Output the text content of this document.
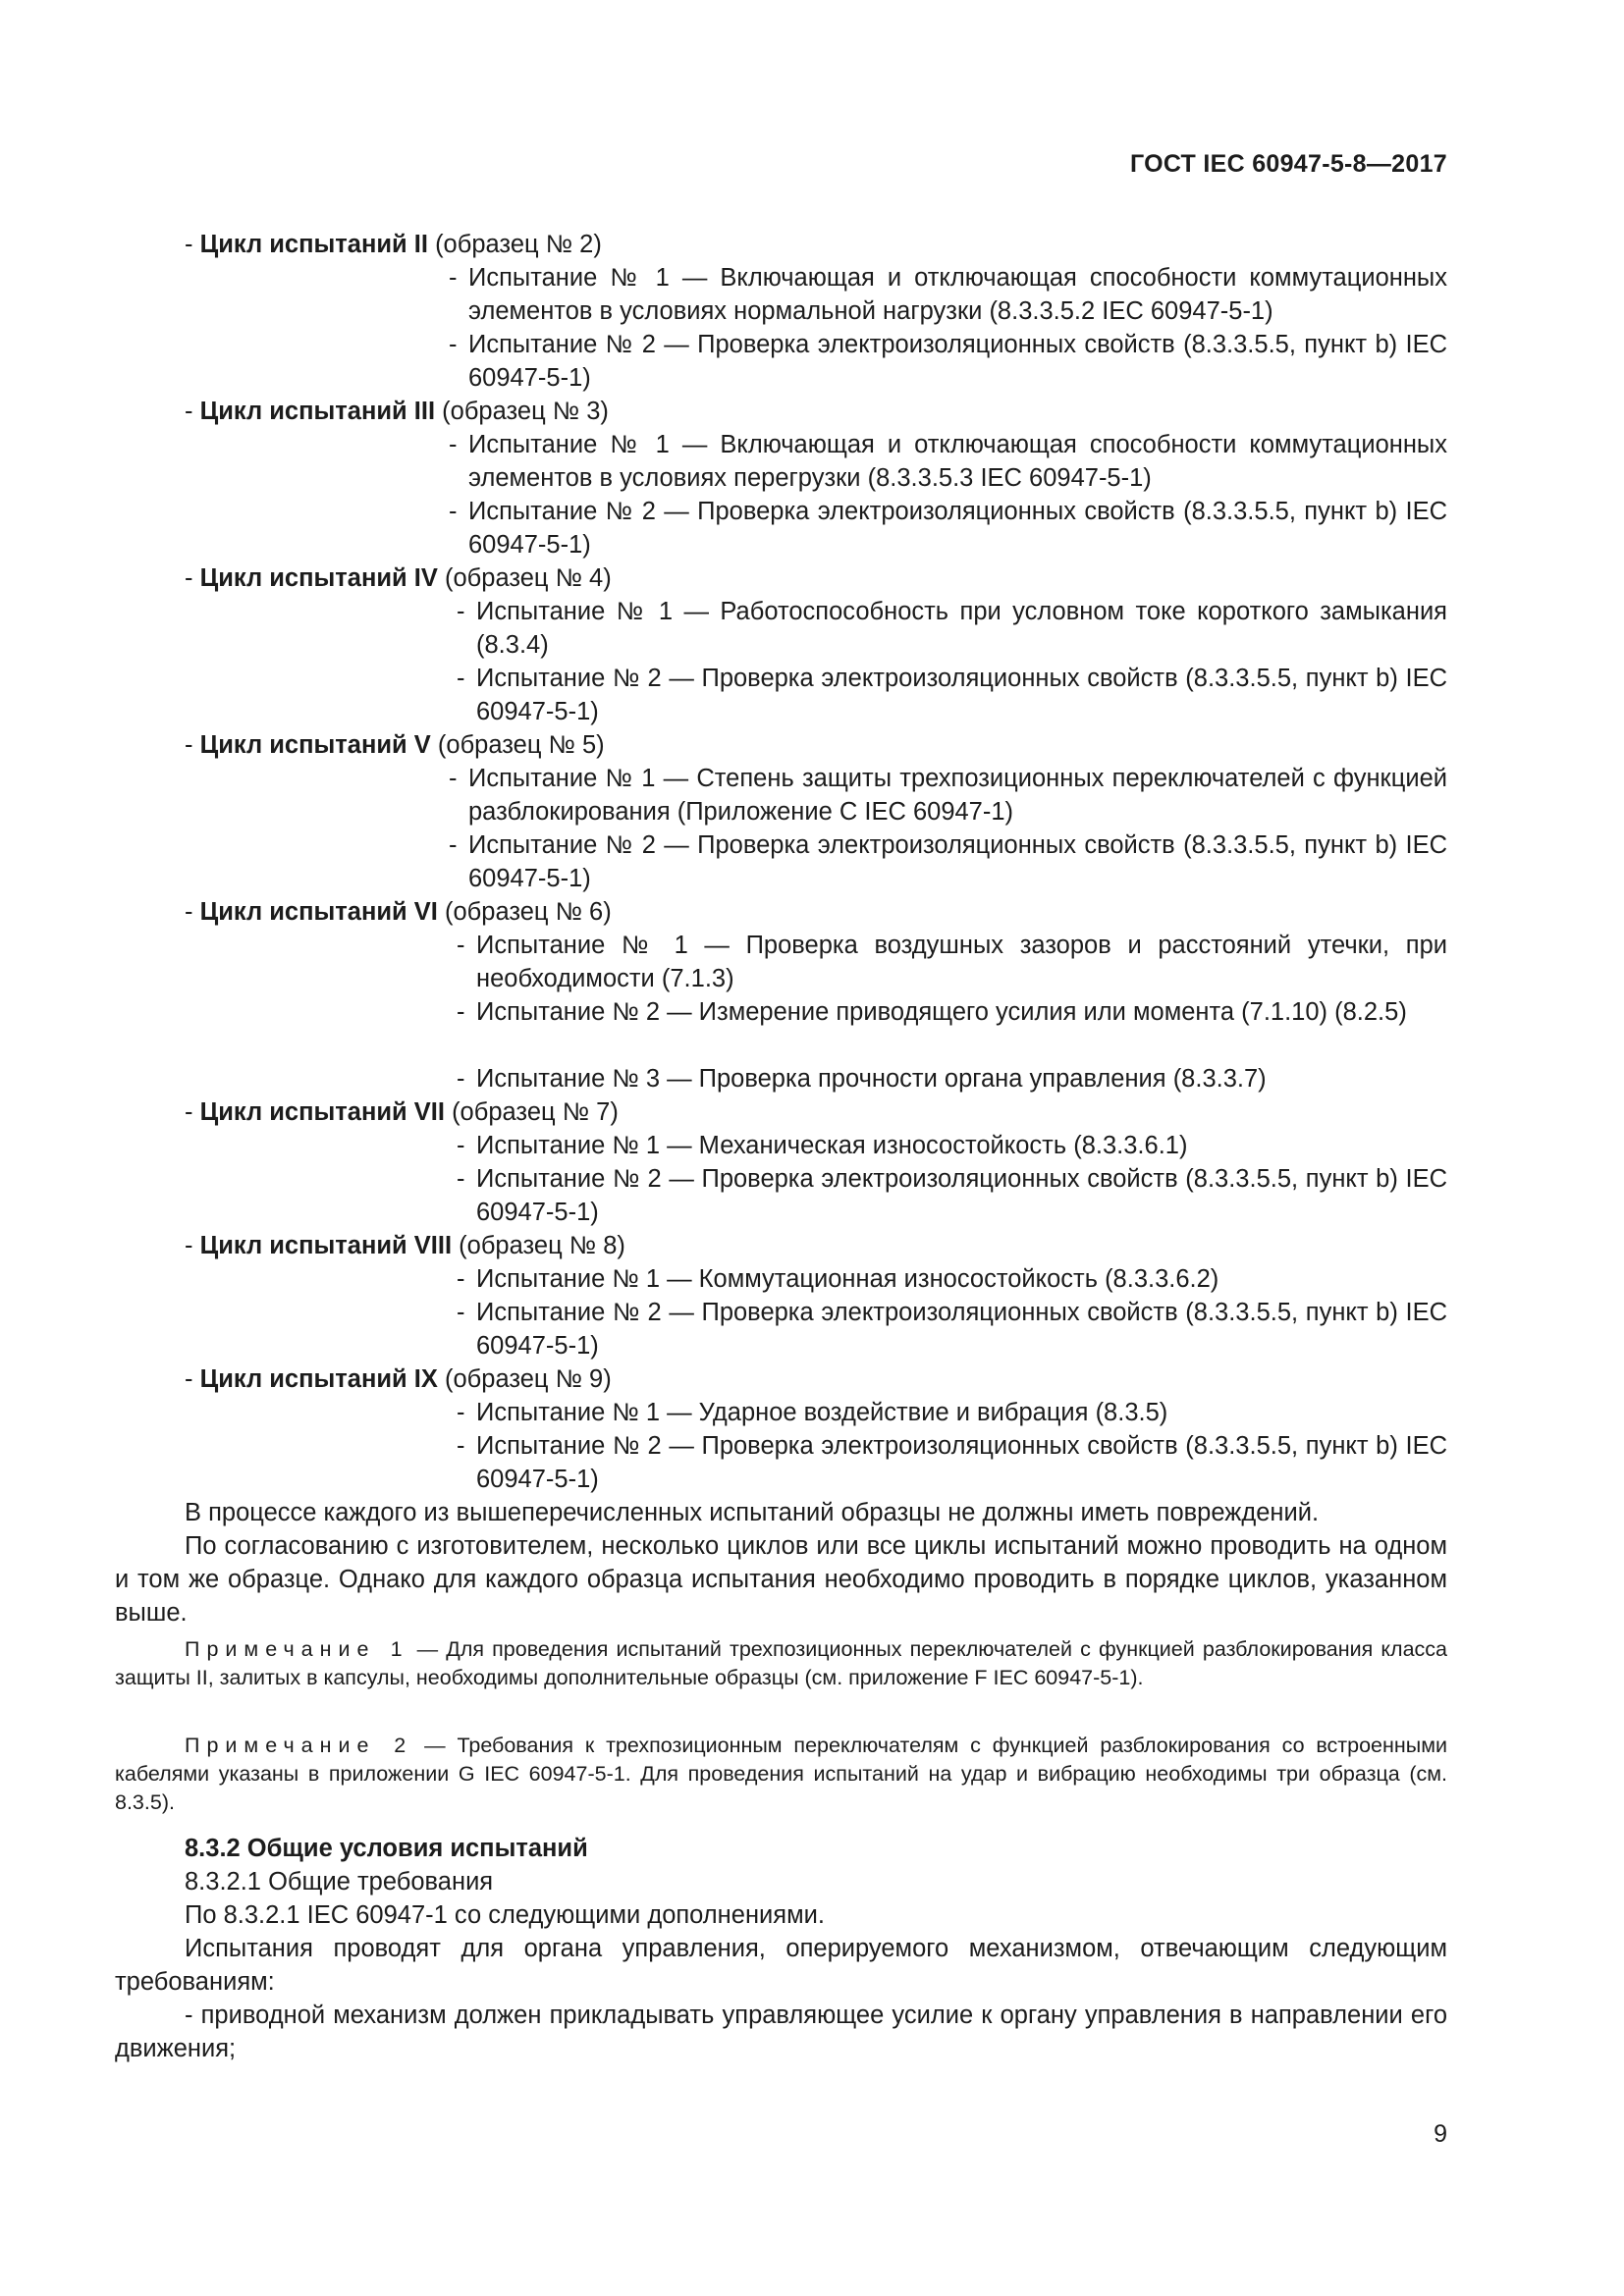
ГОСТ IEC 60947-5-8—2017
- Цикл испытаний II (образец № 2)
- Испытание № 1 — Включающая и отключающая способности коммутационных элементов в условиях нормальной нагрузки (8.3.3.5.2 IEC 60947-5-1)
- Испытание № 2 — Проверка электроизоляционных свойств (8.3.3.5.5, пункт b) IEC 60947-5-1)
- Цикл испытаний III (образец № 3)
- Испытание № 1 — Включающая и отключающая способности коммутационных элементов в условиях перегрузки (8.3.3.5.3 IEC 60947-5-1)
- Испытание № 2 — Проверка электроизоляционных свойств (8.3.3.5.5, пункт b) IEC 60947-5-1)
- Цикл испытаний IV (образец № 4)
- Испытание № 1 — Работоспособность при условном токе короткого замыкания (8.3.4)
- Испытание № 2 — Проверка электроизоляционных свойств (8.3.3.5.5, пункт b) IEC 60947-5-1)
- Цикл испытаний V (образец № 5)
- Испытание № 1 — Степень защиты трехпозиционных переключателей с функцией разблокирования (Приложение С IEC 60947-1)
- Испытание № 2 — Проверка электроизоляционных свойств (8.3.3.5.5, пункт b) IEC 60947-5-1)
- Цикл испытаний VI (образец № 6)
- Испытание № 1 — Проверка воздушных зазоров и расстояний утечки, при необходимости (7.1.3)
- Испытание № 2 — Измерение приводящего усилия или момента (7.1.10) (8.2.5)
- Испытание № 3 — Проверка прочности органа управления (8.3.3.7)
- Цикл испытаний VII (образец № 7)
- Испытание № 1 — Механическая износостойкость (8.3.3.6.1)
- Испытание № 2 — Проверка электроизоляционных свойств (8.3.3.5.5, пункт b) IEC 60947-5-1)
- Цикл испытаний VIII (образец № 8)
- Испытание № 1 — Коммутационная износостойкость (8.3.3.6.2)
- Испытание № 2 — Проверка электроизоляционных свойств (8.3.3.5.5, пункт b) IEC 60947-5-1)
- Цикл испытаний IX (образец № 9)
- Испытание № 1 — Ударное воздействие и вибрация (8.3.5)
- Испытание № 2 — Проверка электроизоляционных свойств (8.3.3.5.5, пункт b) IEC 60947-5-1)
В процессе каждого из вышеперечисленных испытаний образцы не должны иметь повреждений.
По согласованию с изготовителем, несколько циклов или все циклы испытаний можно проводить на одном и том же образце. Однако для каждого образца испытания необходимо проводить в порядке циклов, указанном выше.
Примечание 1 — Для проведения испытаний трехпозиционных переключателей с функцией разблокирования класса защиты II, залитых в капсулы, необходимы дополнительные образцы (см. приложение F IEC 60947-5-1).
Примечание 2 — Требования к трехпозиционным переключателям с функцией разблокирования со встроенными кабелями указаны в приложении G IEC 60947-5-1. Для проведения испытаний на удар и вибрацию необходимы три образца (см. 8.3.5).
8.3.2 Общие условия испытаний
8.3.2.1 Общие требования
По 8.3.2.1 IEC 60947-1 со следующими дополнениями.
Испытания проводят для органа управления, оперируемого механизмом, отвечающим следующим требованиям:
- приводной механизм должен прикладывать управляющее усилие к органу управления в направлении его движения;
9
